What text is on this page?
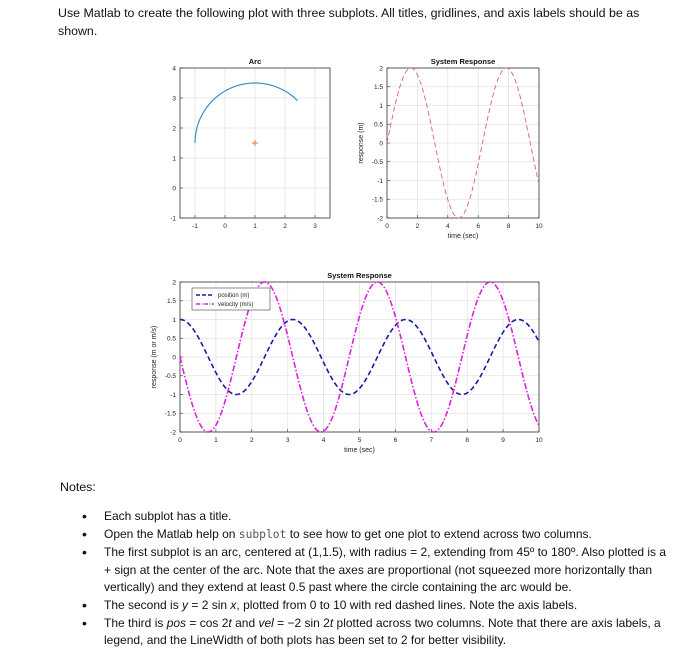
Use Matlab to create the following plot with three subplots. All titles, gridlines, and axis labels should be as shown.
-1	0	1	2	3
-1
0
1
2
3
4
Arc
0	2	4	6	8	10
-2
-1.5
-1
-0.5
0
0.5
1
1.5
2
System Response
time (sec)
response (m)
0	1	2	3	4	5	6	7	8	9	10
-2
-1.5
-1
-0.5
0
0.5
1
1.5
2
System Response
time (sec)
response (m or m/s)
position (m)
velocity (m/s)
Notes:
• Each subplot has a title.
• Open the Matlab help on subplot to see how to get one plot to extend across two columns.
• The first subplot is an arc, centered at (1,1.5), with radius = 2, extending from 45º to 180º. Also plotted is a + sign at the center of the arc. Note that the axes are proportional (not squeezed more horizontally than vertically) and they extend at least 0.5 past where the circle containing the arc would be.
• The second is y = 2 sin x, plotted from 0 to 10 with red dashed lines. Note the axis labels.
• The third is pos = cos 2t and vel = −2 sin 2t plotted across two columns. Note that there are axis labels, a legend, and the LineWidth of both plots has been set to 2 for better visibility.
